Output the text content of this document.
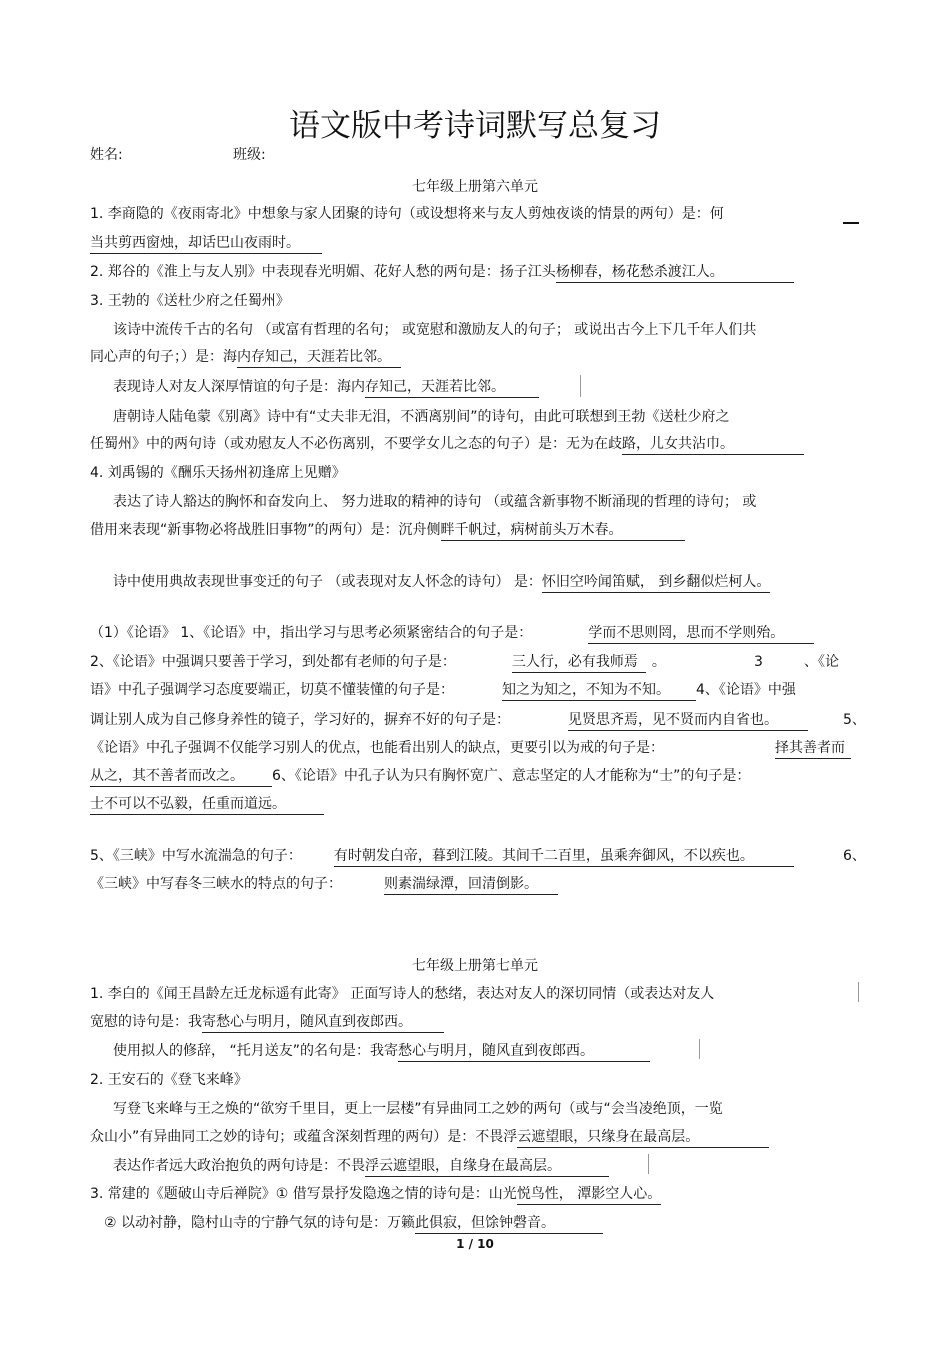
语文版中考诗词默写总复习
姓名:	班级:
七年级上册第六单元
1. 李商隐的《夜雨寄北》中想象与家人团聚的诗句（或设想将来与友人剪烛夜谈的情景的两句）是：何
当共剪西窗烛，却话巴山夜雨时。
2. 郑谷的《淮上与友人别》中表现春光明媚、花好人愁的两句是：扬子江头杨柳春，杨花愁杀渡江人。
3. 王勃的《送杜少府之任蜀州》
该诗中流传千古的名句 （或富有哲理的名句； 或宽慰和激励友人的句子； 或说出古今上下几千年人们共
同心声的句子；）是：海内存知己，天涯若比邻。
表现诗人对友人深厚情谊的句子是：海内存知己，天涯若比邻。
唐朝诗人陆龟蒙《别离》诗中有“丈夫非无泪，不洒离别间”的诗句，由此可联想到王勃《送杜少府之
任蜀州》中的两句诗（或劝慰友人不必伤离别，不要学女儿之态的句子）是：无为在歧路，儿女共沾巾。
4. 刘禹锡的《酬乐天扬州初逢席上见赠》
表达了诗人豁达的胸怀和奋发向上、 努力进取的精神的诗句 （或蕴含新事物不断涌现的哲理的诗句； 或
借用来表现“新事物必将战胜旧事物”的两句）是：沉舟侧畔千帆过，病树前头万木春。
诗中使用典故表现世事变迁的句子 （或表现对友人怀念的诗句） 是：怀旧空吟闻笛赋， 到乡翻似烂柯人。
（1）《论语》 1、《论语》中，指出学习与思考必须紧密结合的句子是：	学而不思则罔，思而不学则殆。
2、《论语》中强调只要善于学习，到处都有老师的句子是：	三人行，必有我师焉 。	3	、《论
语》中孔子强调学习态度要端正，切莫不懂装懂的句子是：	知之为知之，不知为不知。 4、《论语》中强
调让别人成为自己修身养性的镜子，学习好的，摒弃不好的句子是：	见贤思齐焉，见不贤而内自省也。	5、
《论语》中孔子强调不仅能学习别人的优点，也能看出别人的缺点，更要引以为戒的句子是：	择其善者而
从之，其不善者而改之。 6、《论语》中孔子认为只有胸怀宽广、意志坚定的人才能称为“士”的句子是：
士不可以不弘毅，任重而道远。
5、《三峡》中写水流湍急的句子： 有时朝发白帝，暮到江陵。其间千二百里，虽乘奔御风，不以疾也。	6、
《三峡》中写春冬三峡水的特点的句子：	则素湍绿潭，回清倒影。
七年级上册第七单元
1. 李白的《闻王昌龄左迁龙标遥有此寄》 正面写诗人的愁绪，表达对友人的深切同情（或表达对友人
宽慰的诗句是：我寄愁心与明月，随风直到夜郎西。
使用拟人的修辞， “托月送友”的名句是：我寄愁心与明月，随风直到夜郎西。
2. 王安石的《登飞来峰》
写登飞来峰与王之焕的“欲穷千里目，更上一层楼”有异曲同工之妙的两句（或与“会当凌绝顶，一览
众山小”有异曲同工之妙的诗句；或蕴含深刻哲理的两句）是：不畏浮云遮望眼，只缘身在最高层。
表达作者远大政治抱负的两句诗是：不畏浮云遮望眼，自缘身在最高层。
3. 常建的《题破山寺后禅院》① 借写景抒发隐逸之情的诗句是：山光悦鸟性， 潭影空人心。
② 以动衬静，隐村山寺的宁静气氛的诗句是：万籁此俱寂，但馀钟磬音。
1 / 10
